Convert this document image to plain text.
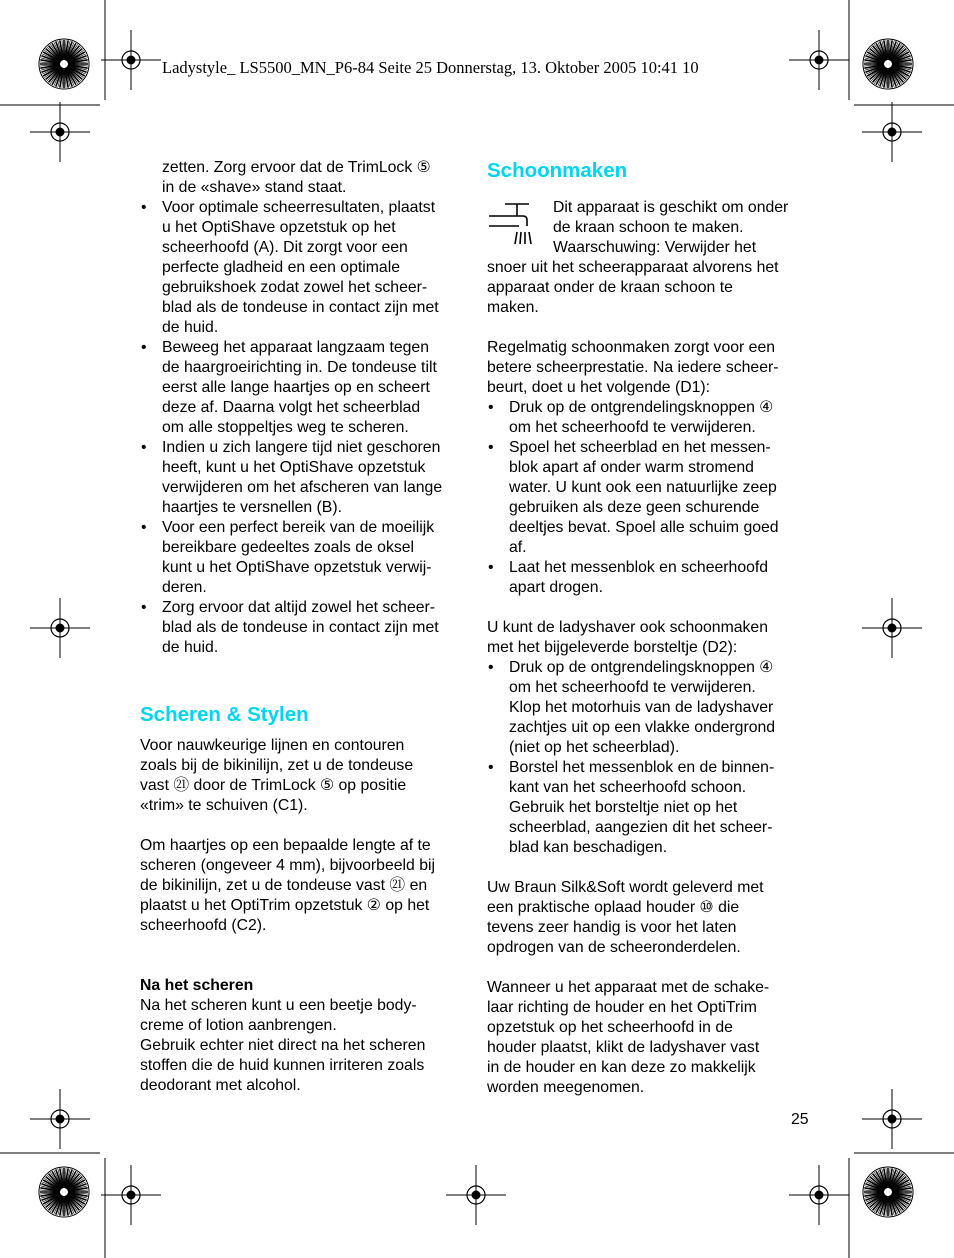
Ladystyle_ LS5500_MN_P6-84 Seite 25 Donnerstag, 13. Oktober 2005 10:41 10

zetten. Zorg ervoor dat de TrimLock ⑤

in de «shave» stand staat.

• Voor optimale scheerresultaten, plaatst

u het OptiShave opzetstuk op het

scheerhoofd (A). Dit zorgt voor een

perfecte gladheid en een optimale

gebruikshoek zodat zowel het scheer-

blad als de tondeuse in contact zijn met

de huid.

• Beweeg het apparaat langzaam tegen

de haargroeirichting in. De tondeuse tilt

eerst alle lange haartjes op en scheert

deze af. Daarna volgt het scheerblad

om alle stoppeltjes weg te scheren.

• Indien u zich langere tijd niet geschoren

heeft, kunt u het OptiShave opzetstuk

verwijderen om het afscheren van lange

haartjes te versnellen (B).

• Voor een perfect bereik van de moeilijk

bereikbare gedeeltes zoals de oksel

kunt u het OptiShave opzetstuk verwij-

deren.

• Zorg ervoor dat altijd zowel het scheer-

blad als de tondeuse in contact zijn met

de huid.

Scheren & Stylen

Voor nauwkeurige lijnen en contouren

zoals bij de bikinilijn, zet u de tondeuse

vast ㉑ door de TrimLock ⑤ op positie

«trim» te schuiven (C1).

Om haartjes op een bepaalde lengte af te

scheren (ongeveer 4 mm), bijvoorbeeld bij

de bikinilijn, zet u de tondeuse vast ㉑ en

plaatst u het OptiTrim opzetstuk ② op het

scheerhoofd (C2).

Na het scheren

Na het scheren kunt u een beetje body-

creme of lotion aanbrengen.

Gebruik echter niet direct na het scheren

stoffen die de huid kunnen irriteren zoals

deodorant met alcohol.

Schoonmaken

Dit apparaat is geschikt om onder

de kraan schoon te maken.

Waarschuwing: Verwijder het

snoer uit het scheerapparaat alvorens het

apparaat onder de kraan schoon te

maken.

Regelmatig schoonmaken zorgt voor een

betere scheerprestatie. Na iedere scheer-

beurt, doet u het volgende (D1):

• Druk op de ontgrendelingsknoppen ④

om het scheerhoofd te verwijderen.

• Spoel het scheerblad en het messen-

blok apart af onder warm stromend

water. U kunt ook een natuurlijke zeep

gebruiken als deze geen schurende

deeltjes bevat. Spoel alle schuim goed

af.

• Laat het messenblok en scheerhoofd

apart drogen.

U kunt de ladyshaver ook schoonmaken

met het bijgeleverde borsteltje (D2):

• Druk op de ontgrendelingsknoppen ④

om het scheerhoofd te verwijderen.

Klop het motorhuis van de ladyshaver

zachtjes uit op een vlakke ondergrond

(niet op het scheerblad).

• Borstel het messenblok en de binnen-

kant van het scheerhoofd schoon.

Gebruik het borsteltje niet op het

scheerblad, aangezien dit het scheer-

blad kan beschadigen.

Uw Braun Silk&Soft wordt geleverd met

een praktische oplaad houder ⑩ die

tevens zeer handig is voor het laten

opdrogen van de scheeronderdelen.

Wanneer u het apparaat met de schake-

laar richting de houder en het OptiTrim

opzetstuk op het scheerhoofd in de

houder plaatst, klikt de ladyshaver vast

in de houder en kan deze zo makkelijk

worden meegenomen.

25
